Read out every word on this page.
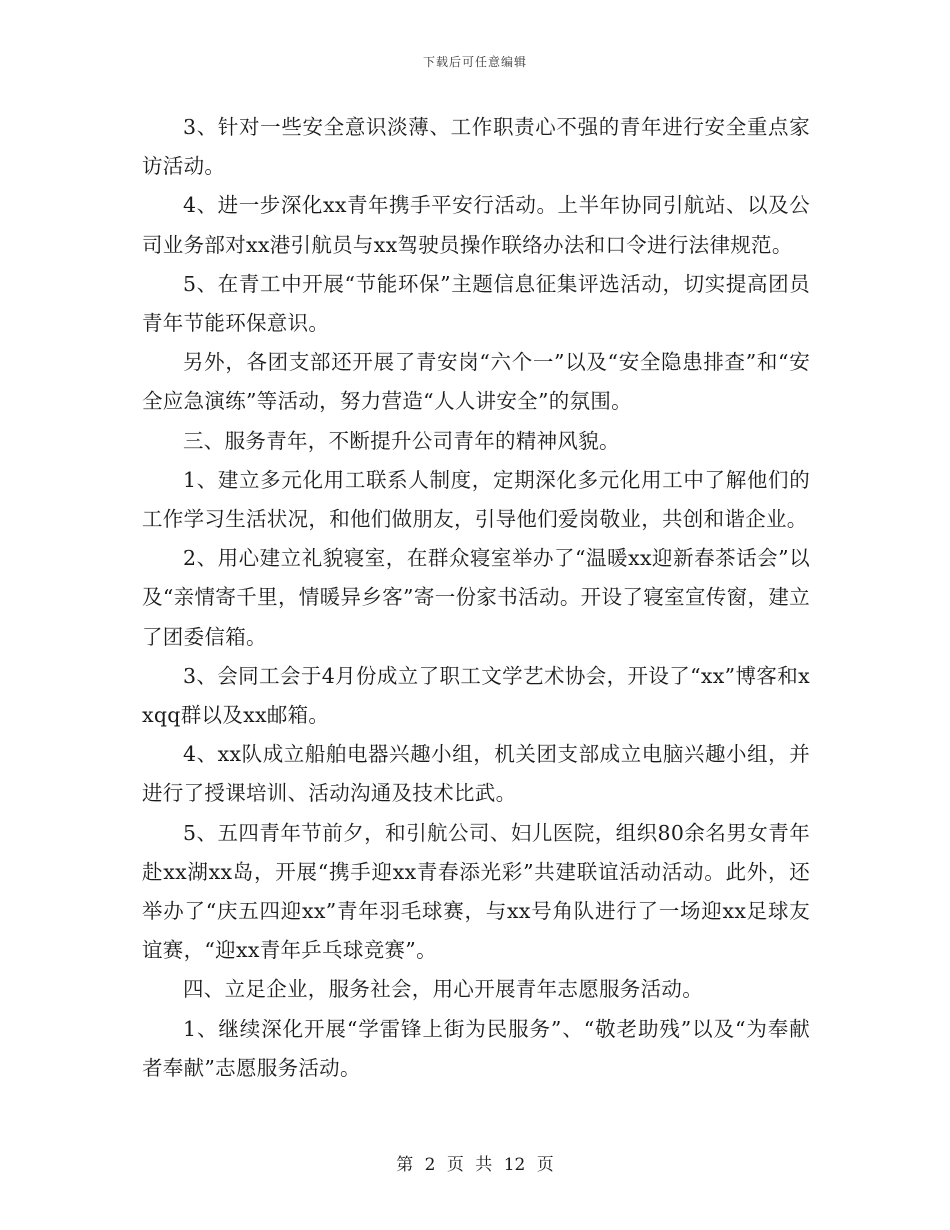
下载后可任意编辑

3、针对一些安全意识淡薄、工作职责心不强的青年进行安全重点家访活动。

4、进一步深化xx青年携手平安行活动。上半年协同引航站、以及公司业务部对xx港引航员与xx驾驶员操作联络办法和口令进行法律规范。

5、在青工中开展“节能环保”主题信息征集评选活动，切实提高团员青年节能环保意识。

另外，各团支部还开展了青安岗“六个一”以及“安全隐患排查”和“安全应急演练”等活动，努力营造“人人讲安全”的氛围。

三、服务青年，不断提升公司青年的精神风貌。

1、建立多元化用工联系人制度，定期深化多元化用工中了解他们的工作学习生活状况，和他们做朋友，引导他们爱岗敬业，共创和谐企业。

2、用心建立礼貌寝室，在群众寝室举办了“温暖xx迎新春茶话会”以及“亲情寄千里，情暖异乡客”寄一份家书活动。开设了寝室宣传窗，建立了团委信箱。

3、会同工会于4月份成立了职工文学艺术协会，开设了“xx”博客和xxqq群以及xx邮箱。

4、xx队成立船舶电器兴趣小组，机关团支部成立电脑兴趣小组，并进行了授课培训、活动沟通及技术比武。

5、五四青年节前夕，和引航公司、妇儿医院，组织80余名男女青年赴xx湖xx岛，开展“携手迎xx青春添光彩”共建联谊活动活动。此外，还举办了“庆五四迎xx”青年羽毛球赛，与xx号角队进行了一场迎xx足球友谊赛，“迎xx青年乒乓球竞赛”。

四、立足企业，服务社会，用心开展青年志愿服务活动。

1、继续深化开展“学雷锋上街为民服务”、“敬老助残”以及“为奉献者奉献”志愿服务活动。

第 2 页 共 12 页
